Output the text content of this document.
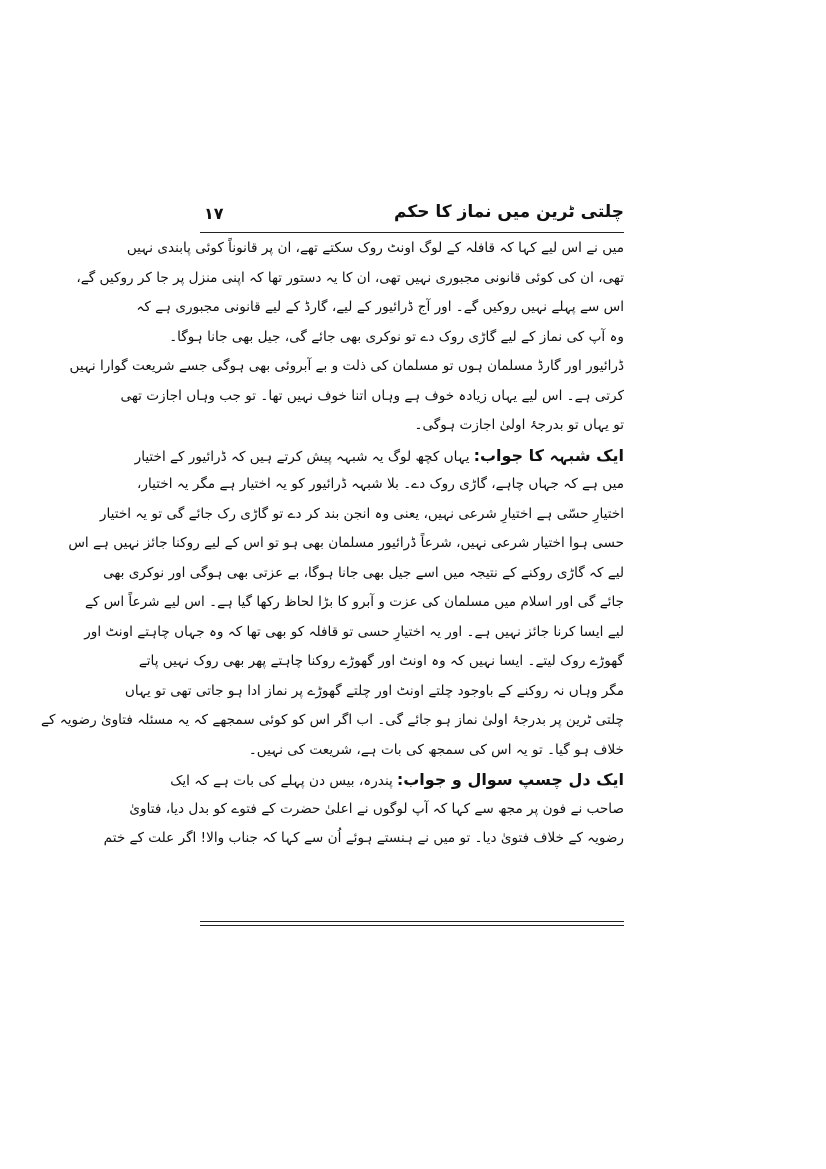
چلتی ٹرین میں نماز کا حکم
۱۷
میں نے اس لیے کہا کہ قافلہ کے لوگ اونٹ روک سکتے تھے، ان پر قانوناً کوئی پابندی نہیں
تھی، ان کی کوئی قانونی مجبوری نہیں تھی، ان کا یہ دستور تھا کہ اپنی منزل پر جا کر روکیں گے،
اس سے پہلے نہیں روکیں گے۔ اور آج ڈرائیور کے لیے، گارڈ کے لیے قانونی مجبوری ہے کہ
وہ آپ کی نماز کے لیے گاڑی روک دے تو نوکری بھی جائے گی، جیل بھی جانا ہوگا۔
ڈرائیور اور گارڈ مسلمان ہوں تو مسلمان کی ذلت و بے آبروئی بھی ہوگی جسے شریعت گوارا نہیں
کرتی ہے۔ اس لیے یہاں زیادہ خوف ہے وہاں اتنا خوف نہیں تھا۔ تو جب وہاں اجازت تھی
تو یہاں تو بدرجۂ اولیٰ اجازت ہوگی۔
ایک شبہہ کا جواب:یہاں کچھ لوگ یہ شبہہ پیش کرتے ہیں کہ ڈرائیور کے اختیار
میں ہے کہ جہاں چاہے، گاڑی روک دے۔ بلا شبہہ ڈرائیور کو یہ اختیار ہے مگر یہ اختیار،
اختیارِ حسّی ہے اختیارِ شرعی نہیں، یعنی وہ انجن بند کر دے تو گاڑی رک جائے گی تو یہ اختیار
حسی ہوا اختیار شرعی نہیں، شرعاً ڈرائیور مسلمان بھی ہو تو اس کے لیے روکنا جائز نہیں ہے اس
لیے کہ گاڑی روکنے کے نتیجہ میں اسے جیل بھی جانا ہوگا، بے عزتی بھی ہوگی اور نوکری بھی
جائے گی اور اسلام میں مسلمان کی عزت و آبرو کا بڑا لحاظ رکھا گیا ہے۔ اس لیے شرعاً اس کے
لیے ایسا کرنا جائز نہیں ہے۔ اور یہ اختیارِ حسی تو قافلہ کو بھی تھا کہ وہ جہاں چاہتے اونٹ اور
گھوڑے روک لیتے۔ ایسا نہیں کہ وہ اونٹ اور گھوڑے روکنا چاہتے پھر بھی روک نہیں پاتے
مگر وہاں نہ روکنے کے باوجود چلتے اونٹ اور چلتے گھوڑے پر نماز ادا ہو جاتی تھی تو یہاں
چلتی ٹرین پر بدرجۂ اولیٰ نماز ہو جائے گی۔ اب اگر اس کو کوئی سمجھے کہ یہ مسئلہ فتاویٰ رضویہ کے
خلاف ہو گیا۔ تو یہ اس کی سمجھ کی بات ہے، شریعت کی نہیں۔
ایک دل چسپ سوال و جواب:پندرہ، بیس دن پہلے کی بات ہے کہ ایک
صاحب نے فون پر مجھ سے کہا کہ آپ لوگوں نے اعلیٰ حضرت کے فتوے کو بدل دیا، فتاویٰ
رضویہ کے خلاف فتویٰ دیا۔ تو میں نے ہنستے ہوئے اُن سے کہا کہ جناب والا! اگر علت کے ختم
